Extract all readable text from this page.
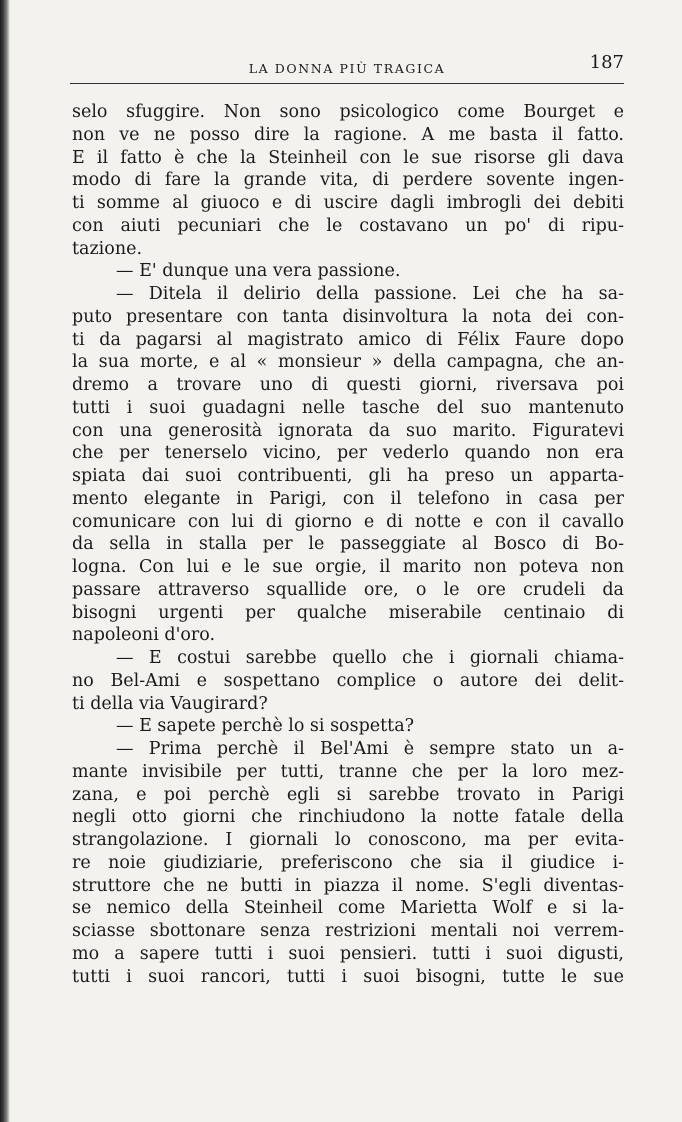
LA DONNA PIÙ TRAGICA	187
selo sfuggire. Non sono psicologico come Bourget e
non ve ne posso dire la ragione. A me basta il fatto.
E il fatto è che la Steinheil con le sue risorse gli dava
modo di fare la grande vita, di perdere sovente ingen-
ti somme al giuoco e di uscire dagli imbrogli dei debiti
con aiuti pecuniari che le costavano un po' di ripu-
tazione.
— E' dunque una vera passione.
— Ditela il delirio della passione. Lei che ha sa-
puto presentare con tanta disinvoltura la nota dei con-
ti da pagarsi al magistrato amico di Félix Faure dopo
la sua morte, e al « monsieur » della campagna, che an-
dremo a trovare uno di questi giorni, riversava poi
tutti i suoi guadagni nelle tasche del suo mantenuto
con una generosità ignorata da suo marito. Figuratevi
che per tenerselo vicino, per vederlo quando non era
spiata dai suoi contribuenti, gli ha preso un apparta-
mento elegante in Parigi, con il telefono in casa per
comunicare con lui di giorno e di notte e con il cavallo
da sella in stalla per le passeggiate al Bosco di Bo-
logna. Con lui e le sue orgie, il marito non poteva non
passare attraverso squallide ore, o le ore crudeli da
bisogni urgenti per qualche miserabile centinaio di
napoleoni d'oro.
— E costui sarebbe quello che i giornali chiama-
no Bel-Ami e sospettano complice o autore dei delit-
ti della via Vaugirard?
— E sapete perchè lo si sospetta?
— Prima perchè il Bel'Ami è sempre stato un a-
mante invisibile per tutti, tranne che per la loro mez-
zana, e poi perchè egli si sarebbe trovato in Parigi
negli otto giorni che rinchiudono la notte fatale della
strangolazione. I giornali lo conoscono, ma per evita-
re noie giudiziarie, preferiscono che sia il giudice i-
struttore che ne butti in piazza il nome. S'egli diventas-
se nemico della Steinheil come Marietta Wolf e si la-
sciasse sbottonare senza restrizioni mentali noi verrem-
mo a sapere tutti i suoi pensieri. tutti i suoi digusti,
tutti i suoi rancori, tutti i suoi bisogni, tutte le sue
